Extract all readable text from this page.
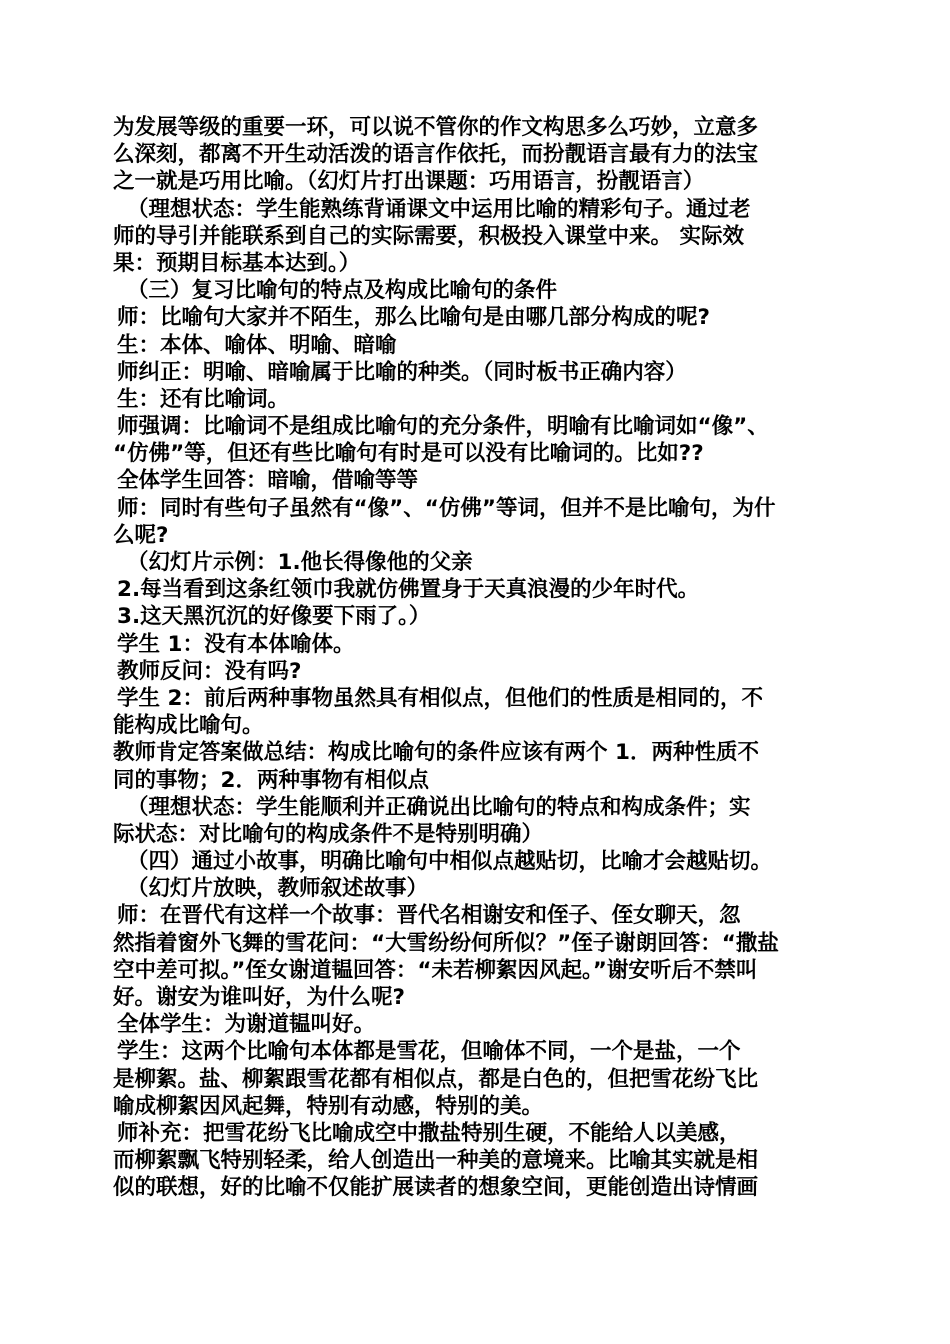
为发展等级的重要一环，可以说不管你的作文构思多么巧妙，立意多
么深刻，都离不开生动活泼的语言作依托，而扮靓语言最有力的法宝
之一就是巧用比喻。（幻灯片打出课题：巧用语言，扮靓语言）
（理想状态：学生能熟练背诵课文中运用比喻的精彩句子。通过老
师的导引并能联系到自己的实际需要，积极投入课堂中来。 实际效
果：预期目标基本达到。）
（三）复习比喻句的特点及构成比喻句的条件
师：比喻句大家并不陌生，那么比喻句是由哪几部分构成的呢?
生：本体、喻体、明喻、暗喻
师纠正：明喻、暗喻属于比喻的种类。（同时板书正确内容）
生：还有比喻词。
师强调：比喻词不是组成比喻句的充分条件，明喻有比喻词如“像”、
“仿佛”等，但还有些比喻句有时是可以没有比喻词的。比如??
全体学生回答：暗喻，借喻等等
师：同时有些句子虽然有“像”、“仿佛”等词，但并不是比喻句，为什
么呢?
（幻灯片示例：1.他长得像他的父亲
2.每当看到这条红领巾我就仿佛置身于天真浪漫的少年时代。
3.这天黑沉沉的好像要下雨了。）
学生 1：没有本体喻体。
教师反问：没有吗?
学生 2：前后两种事物虽然具有相似点，但他们的性质是相同的，不
能构成比喻句。
教师肯定答案做总结：构成比喻句的条件应该有两个 1．两种性质不
同的事物；2．两种事物有相似点
（理想状态：学生能顺利并正确说出比喻句的特点和构成条件；实
际状态：对比喻句的构成条件不是特别明确）
（四）通过小故事，明确比喻句中相似点越贴切，比喻才会越贴切。
（幻灯片放映，教师叙述故事）
师：在晋代有这样一个故事：晋代名相谢安和侄子、侄女聊天，忽
然指着窗外飞舞的雪花问：“大雪纷纷何所似？”侄子谢朗回答：“撒盐
空中差可拟。”侄女谢道韫回答：“未若柳絮因风起。”谢安听后不禁叫
好。谢安为谁叫好，为什么呢?
全体学生：为谢道韫叫好。
学生：这两个比喻句本体都是雪花，但喻体不同，一个是盐，一个
是柳絮。盐、柳絮跟雪花都有相似点，都是白色的，但把雪花纷飞比
喻成柳絮因风起舞，特别有动感，特别的美。
师补充：把雪花纷飞比喻成空中撒盐特别生硬，不能给人以美感，
而柳絮飘飞特别轻柔，给人创造出一种美的意境来。比喻其实就是相
似的联想，好的比喻不仅能扩展读者的想象空间，更能创造出诗情画
